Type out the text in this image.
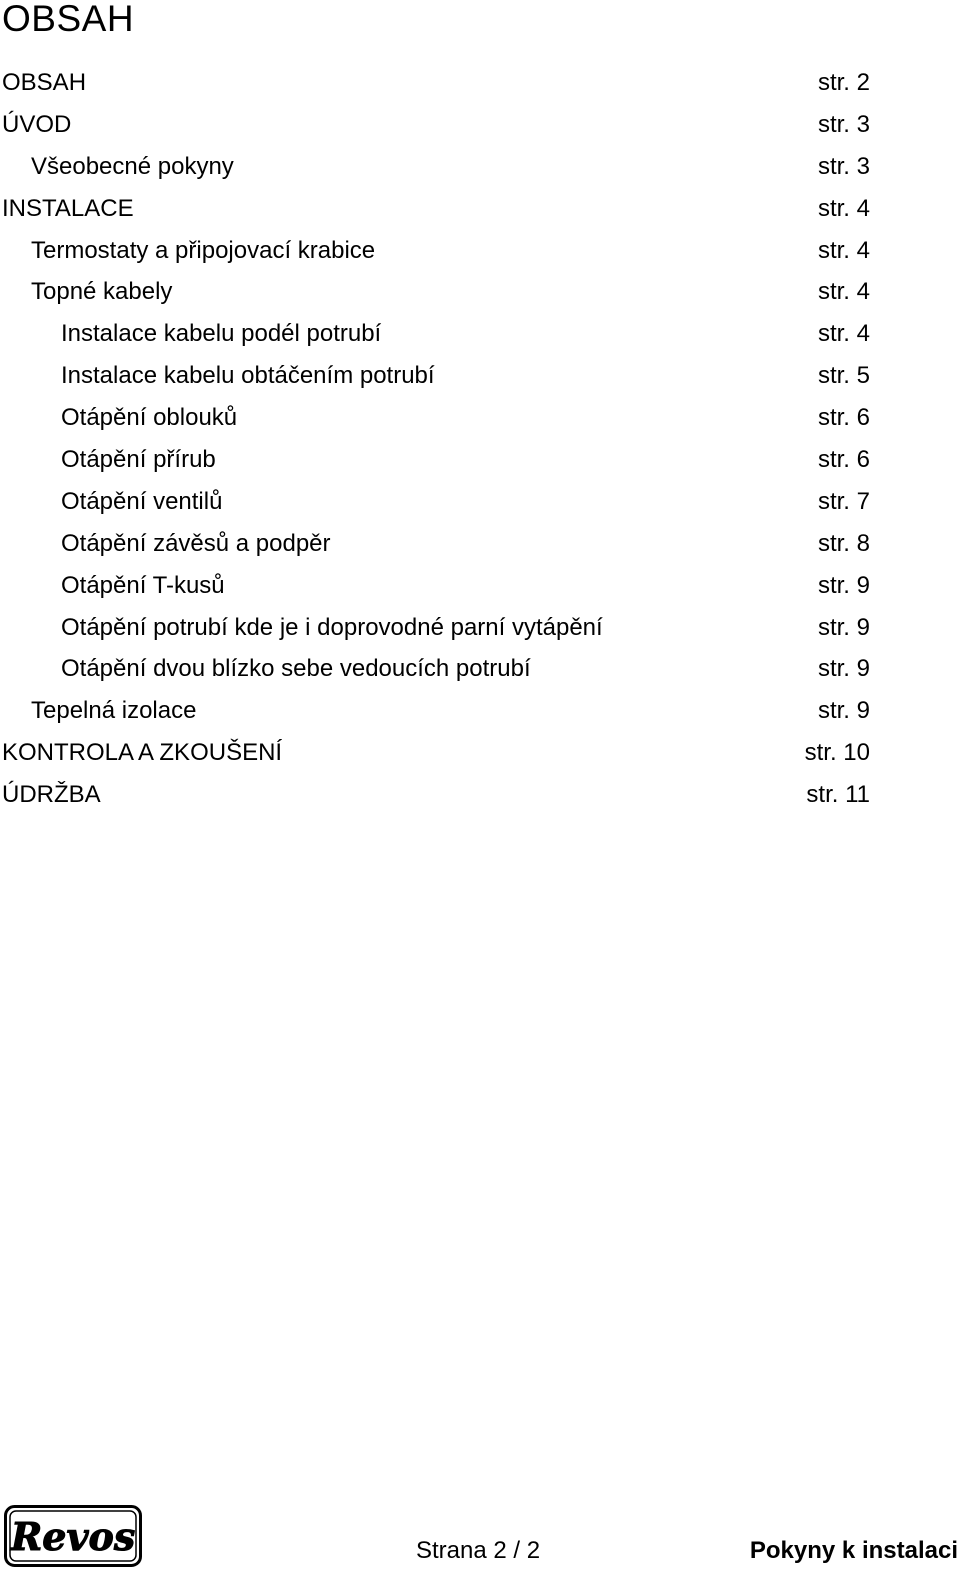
OBSAH
OBSAH	str. 2
ÚVOD	str. 3
Všeobecné pokyny	str. 3
INSTALACE	str. 4
Termostaty a připojovací krabice	str. 4
Topné kabely	str. 4
Instalace kabelu podél potrubí	str. 4
Instalace kabelu obtáčením potrubí	str. 5
Otápění oblouků	str. 6
Otápění přírub	str. 6
Otápění ventilů	str. 7
Otápění závěsů a podpěr	str. 8
Otápění T-kusů	str. 9
Otápění potrubí kde je i doprovodné parní vytápění	str. 9
Otápění dvou blízko sebe vedoucích potrubí	str. 9
Tepelná izolace	str. 9
KONTROLA A ZKOUŠENÍ	str. 10
ÚDRŽBA	str. 11
Revos	Strana 2 / 2	Pokyny k instalaci
